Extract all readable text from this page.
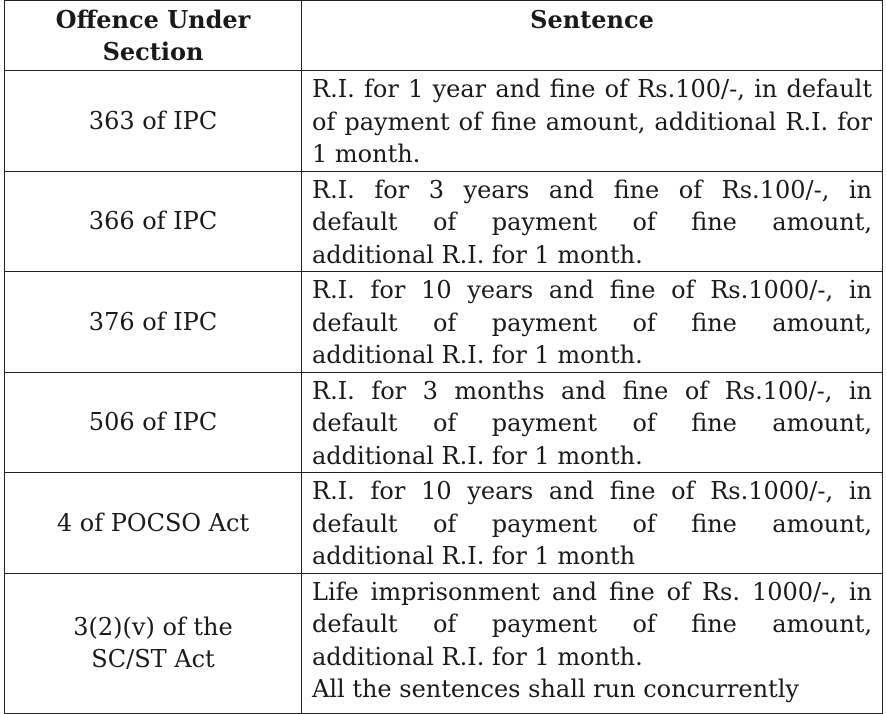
Offence Under
Section	Sentence

363 of IPC	R.I. for 1 year and fine of Rs.100/-, in default
of payment of fine amount, additional R.I. for
1 month.

366 of IPC	R.I. for 3 years and fine of Rs.100/-, in
default of payment of fine amount,
additional R.I. for 1 month.

376 of IPC	R.I. for 10 years and fine of Rs.1000/-, in
default of payment of fine amount,
additional R.I. for 1 month.

506 of IPC	R.I. for 3 months and fine of Rs.100/-, in
default of payment of fine amount,
additional R.I. for 1 month.

4 of POCSO Act	R.I. for 10 years and fine of Rs.1000/-, in
default of payment of fine amount,
additional R.I. for 1 month

3(2)(v) of the
SC/ST Act	Life imprisonment and fine of Rs. 1000/-, in
default of payment of fine amount,
additional R.I. for 1 month.
All the sentences shall run concurrently
